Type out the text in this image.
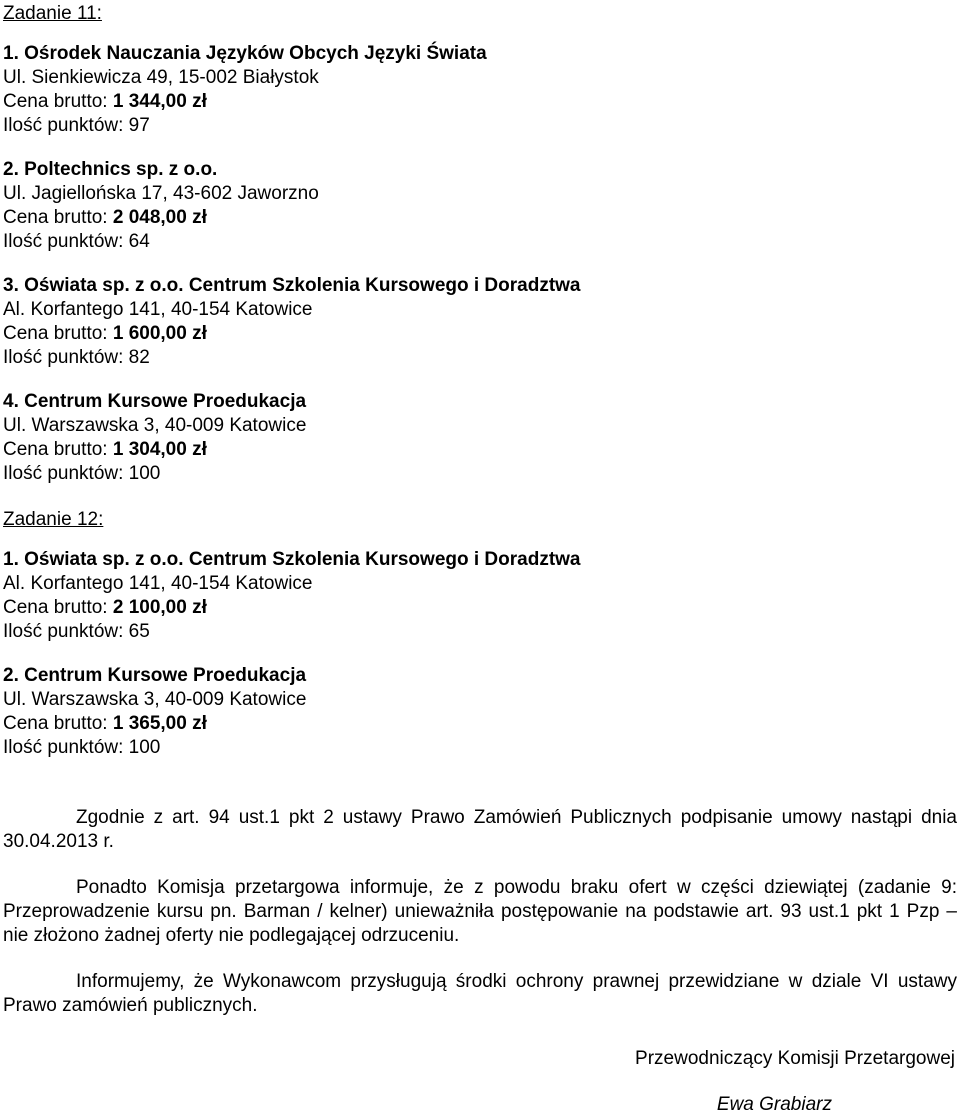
Zadanie 11:
1. Ośrodek Nauczania Języków Obcych Języki Świata
Ul. Sienkiewicza 49, 15-002 Białystok
Cena brutto: 1 344,00 zł
Ilość punktów: 97
2. Poltechnics sp. z o.o.
Ul. Jagiellońska 17, 43-602 Jaworzno
Cena brutto: 2 048,00 zł
Ilość punktów: 64
3. Oświata sp. z o.o. Centrum Szkolenia Kursowego i Doradztwa
Al. Korfantego 141, 40-154 Katowice
Cena brutto: 1 600,00 zł
Ilość punktów: 82
4. Centrum Kursowe Proedukacja
Ul. Warszawska 3, 40-009 Katowice
Cena brutto: 1 304,00 zł
Ilość punktów: 100
Zadanie 12:
1. Oświata sp. z o.o. Centrum Szkolenia Kursowego i Doradztwa
Al. Korfantego 141, 40-154 Katowice
Cena brutto: 2 100,00 zł
Ilość punktów: 65
2. Centrum Kursowe Proedukacja
Ul. Warszawska 3, 40-009 Katowice
Cena brutto: 1 365,00 zł
Ilość punktów: 100

Zgodnie z art. 94 ust.1 pkt 2 ustawy Prawo Zamówień Publicznych podpisanie umowy nastąpi dnia 30.04.2013 r.

Ponadto Komisja przetargowa informuje, że z powodu braku ofert w części dziewiątej (zadanie 9: Przeprowadzenie kursu pn. Barman / kelner) unieważniła postępowanie na podstawie art. 93 ust.1 pkt 1 Pzp – nie złożono żadnej oferty nie podlegającej odrzuceniu.

Informujemy, że Wykonawcom przysługują środki ochrony prawnej przewidziane w dziale VI ustawy Prawo zamówień publicznych.

Przewodniczący Komisji Przetargowej
Ewa Grabiarz
